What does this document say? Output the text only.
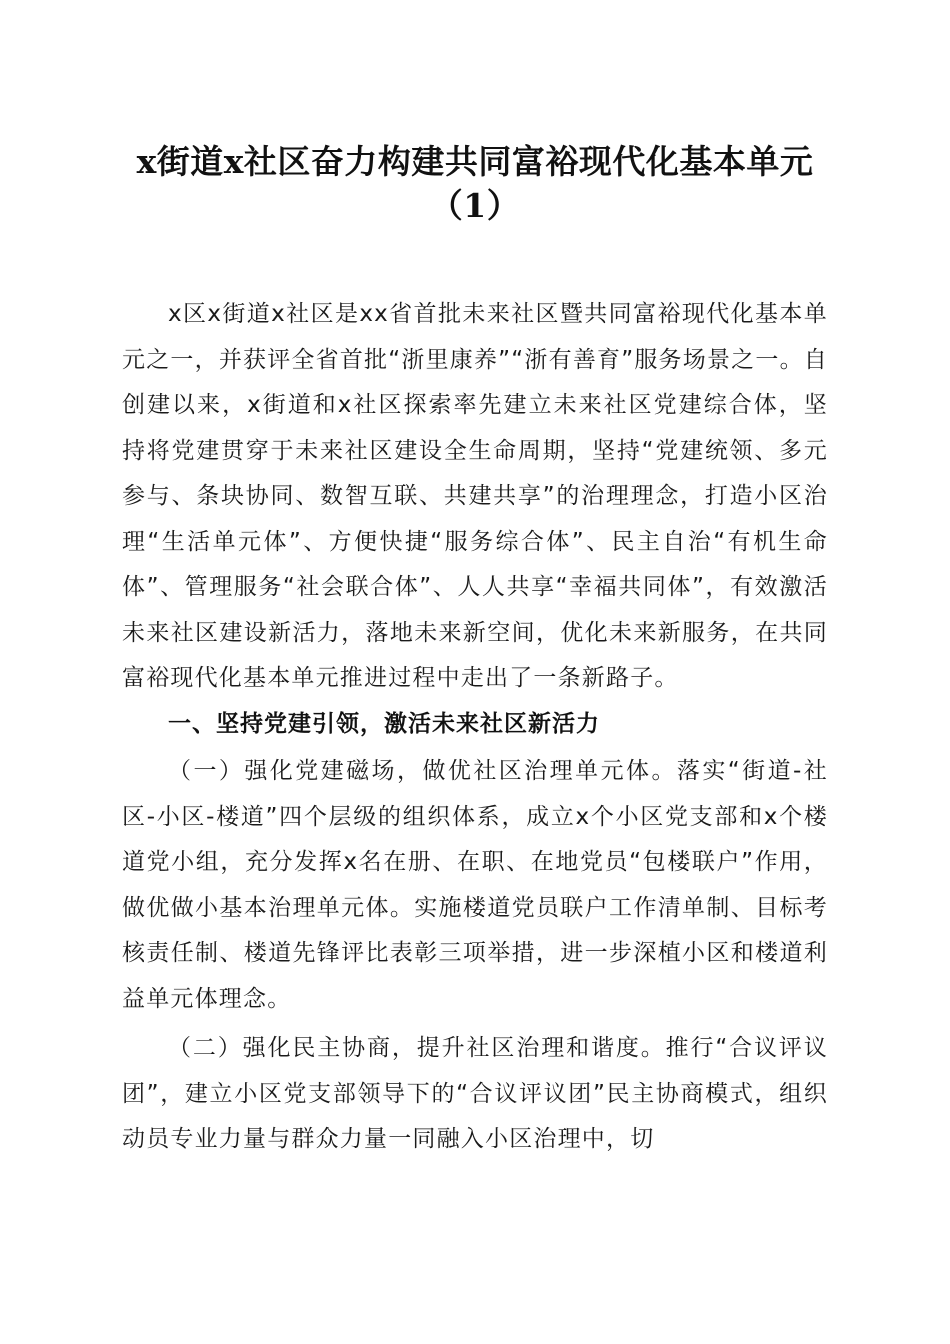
x街道x社区奋力构建共同富裕现代化基本单元（1）

x区x街道x社区是xx省首批未来社区暨共同富裕现代化基本单元之一，并获评全省首批“浙里康养”“浙有善育”服务场景之一。自创建以来，x街道和x社区探索率先建立未来社区党建综合体，坚持将党建贯穿于未来社区建设全生命周期，坚持“党建统领、多元参与、条块协同、数智互联、共建共享”的治理理念，打造小区治理“生活单元体”、方便快捷“服务综合体”、民主自治“有机生命体”、管理服务“社会联合体”、人人共享“幸福共同体”，有效激活未来社区建设新活力，落地未来新空间，优化未来新服务，在共同富裕现代化基本单元推进过程中走出了一条新路子。

一、坚持党建引领，激活未来社区新活力

（一）强化党建磁场，做优社区治理单元体。落实“街道-社区-小区-楼道”四个层级的组织体系，成立x个小区党支部和x个楼道党小组，充分发挥x名在册、在职、在地党员“包楼联户”作用，做优做小基本治理单元体。实施楼道党员联户工作清单制、目标考核责任制、楼道先锋评比表彰三项举措，进一步深植小区和楼道利益单元体理念。

（二）强化民主协商，提升社区治理和谐度。推行“合议评议团”，建立小区党支部领导下的“合议评议团”民主协商模式，组织动员专业力量与群众力量一同融入小区治理中，切
